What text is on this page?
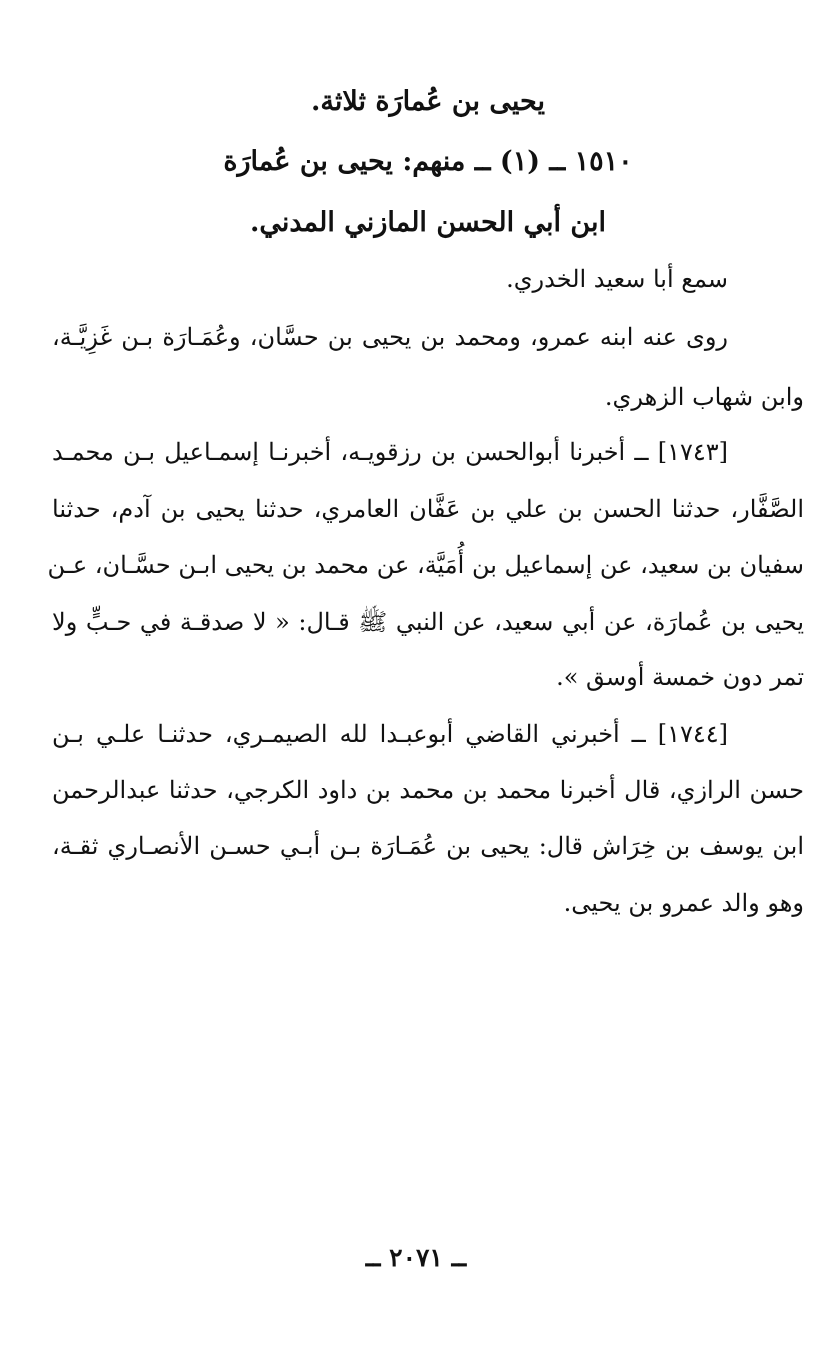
يحيى بن عُمارَة ثلاثة.
١٥١٠ ــ (١) ــ منهم: يحيى بن عُمارَة
ابن أبي الحسن المازني المدني.
سمع أبا سعيد الخدري.
روى عنه ابنه عمرو، ومحمد بن يحيى بن حسَّان، وعُمَـارَة بـن غَزِيَّـة،
وابن شهاب الزهري.
[١٧٤٣] ــ أخبرنا أبوالحسن بن رزقويـه، أخبرنـا إسمـاعيل بـن محمـد
الصَّفَّار، حدثنا الحسن بن علي بن عَفَّان العامري، حدثنا يحيى بن آدم، حدثنا
سفيان بن سعيد، عن إسماعيل بن أُمَيَّة، عن محمد بن يحيى ابـن حسَّـان، عـن
يحيى بن عُمارَة، عن أبي سعيد، عن النبي ﷺ قـال: « لا صدقـة في حـبٍّ ولا
تمر دون خمسة أوسق ».
[١٧٤٤] ــ أخبرني القاضي أبوعبـدا لله الصيمـري، حدثنـا علـي بـن
حسن الرازي، قال أخبرنا محمد بن محمد بن داود الكرجي، حدثنا عبدالرحمن
ابن يوسف بن خِرَاش قال: يحيى بن عُمَـارَة بـن أبـي حسـن الأنصـاري ثقـة،
وهو والد عمرو بن يحيى.
ــ ٢٠٧١ ــ
